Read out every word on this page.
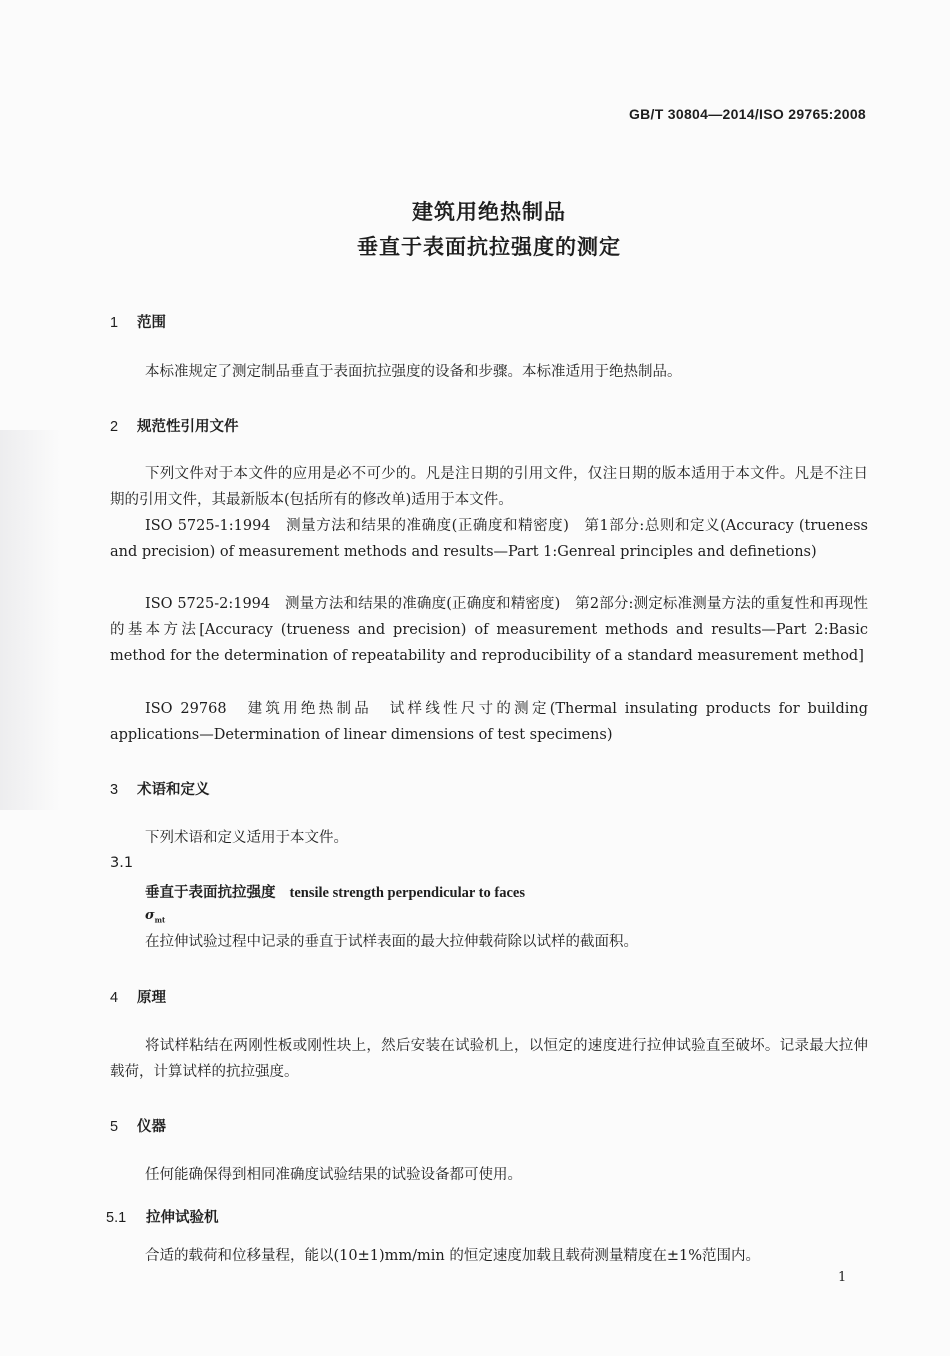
GB/T 30804—2014/ISO 29765:2008
建筑用绝热制品
垂直于表面抗拉强度的测定
1 范围
本标准规定了测定制品垂直于表面抗拉强度的设备和步骤。本标准适用于绝热制品。
2 规范性引用文件
下列文件对于本文件的应用是必不可少的。凡是注日期的引用文件，仅注日期的版本适用于本文件。凡是不注日期的引用文件，其最新版本(包括所有的修改单)适用于本文件。
ISO 5725-1:1994　测量方法和结果的准确度(正确度和精密度)　第1部分:总则和定义(Accuracy (trueness and precision) of measurement methods and results—Part 1:Genreal principles and definetions)
ISO 5725-2:1994　测量方法和结果的准确度(正确度和精密度)　第2部分:测定标准测量方法的重复性和再现性的基本方法[Accuracy (trueness and precision) of measurement methods and results—Part 2:Basic method for the determination of repeatability and reproducibility of a standard measurement method]
ISO 29768　建筑用绝热制品　试样线性尺寸的测定(Thermal insulating products for building applications—Determination of linear dimensions of test specimens)
3 术语和定义
下列术语和定义适用于本文件。
3.1
垂直于表面抗拉强度 tensile strength perpendicular to faces
$\sigma_{mt}$
在拉伸试验过程中记录的垂直于试样表面的最大拉伸载荷除以试样的截面积。
4 原理
将试样粘结在两刚性板或刚性块上，然后安装在试验机上，以恒定的速度进行拉伸试验直至破坏。记录最大拉伸载荷，计算试样的抗拉强度。
5 仪器
任何能确保得到相同准确度试验结果的试验设备都可使用。
5.1 拉伸试验机
合适的载荷和位移量程，能以(10±1)mm/min 的恒定速度加载且载荷测量精度在±1%范围内。
1
